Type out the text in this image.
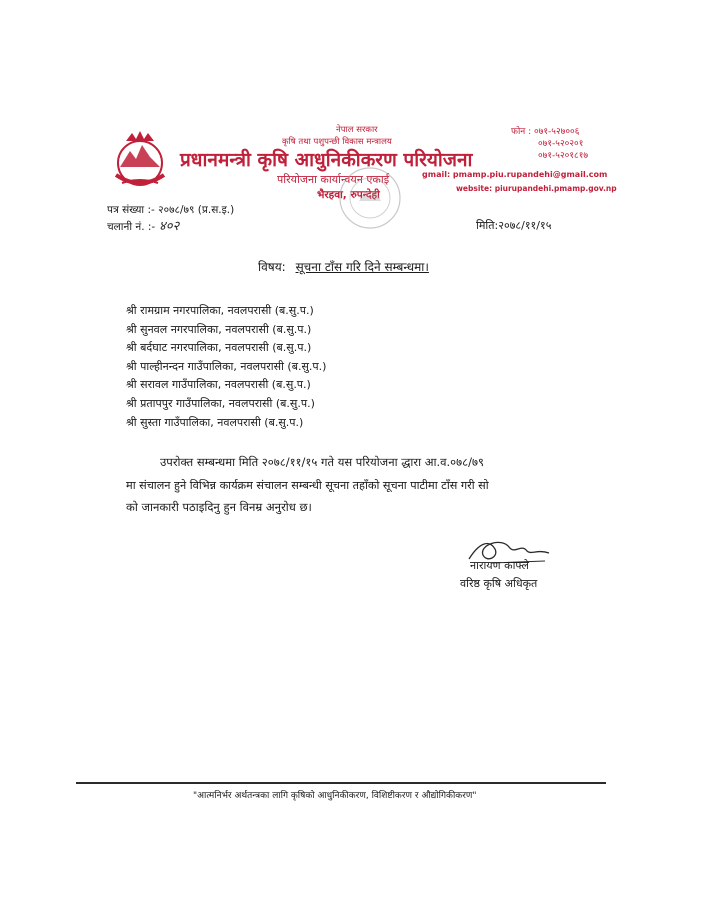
नेपाल सरकार
कृषि तथा पशुपन्छी विकास मन्त्रालय
प्रधानमन्त्री कृषि आधुनिकीकरण परियोजना
परियोजना कार्यान्वयन एकाई
भैरहवा, रुपन्देही
फोन : ०७१-५२७००६
०७१-५२०२०१
०७१-५२०१८१७
gmail: pmamp.piu.rupandehi@gmail.com
website: piurupandehi.pmamp.gov.np
पत्र संख्या :- २०७८/७९ (प्र.स.इ.)
चलानी नं. :- ४०२	मिति:२०७८/११/१५
विषय: सूचना टाँस गरि दिने सम्बन्धमा।
श्री रामग्राम नगरपालिका, नवलपरासी (ब.सु.प.)
श्री सुनवल नगरपालिका, नवलपरासी (ब.सु.प.)
श्री बर्दघाट नगरपालिका, नवलपरासी (ब.सु.प.)
श्री पाल्हीनन्दन गाउँपालिका, नवलपरासी (ब.सु.प.)
श्री सरावल गाउँपालिका, नवलपरासी (ब.सु.प.)
श्री प्रतापपुर गाउँपालिका, नवलपरासी (ब.सु.प.)
श्री सुस्ता गाउँपालिका, नवलपरासी (ब.सु.प.)
उपरोक्त सम्बन्धमा मिति २०७८/११/१५ गते यस परियोजना द्धारा आ.व.०७८/७९
मा संचालन हुने विभिन्न कार्यक्रम संचालन सम्बन्धी सूचना तहाँको सूचना पाटीमा टाँस गरी सो
को जानकारी पठाइदिनु हुन विनम्र अनुरोध छ।
नारायण काफ्ले
वरिष्ठ कृषि अधिकृत
"आत्मनिर्भर अर्थतन्त्रका लागि कृषिको आधुनिकीकरण, विशिष्टीकरण र औद्योगिकीकरण"
